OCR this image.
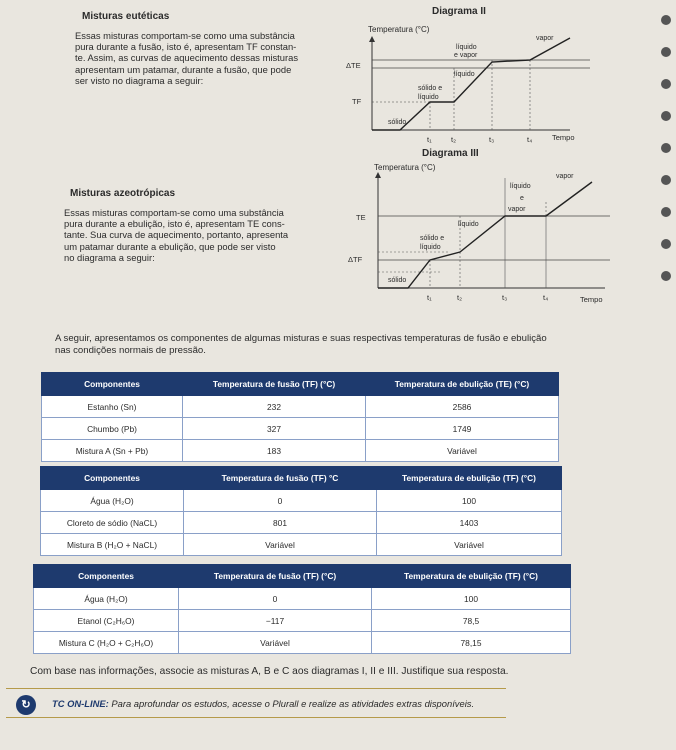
Misturas eutéticas
Essas misturas comportam-se como uma substância
pura durante a fusão, isto é, apresentam TF constan-
te. Assim, as curvas de aquecimento dessas misturas
apresentam um patamar, durante a fusão, que pode
ser visto no diagrama a seguir:
Diagrama II
Temperatura (°C)
Tempo
ΔTE
TF
sólido
sólido e
líquido
líquido
líquido
e vapor
vapor
t₁	t₂	t₃	t₄
Diagrama III
Temperatura (°C)
Tempo
TE
ΔTF
sólido
sólido e
líquido
líquido
líquido
e
vapor
vapor
t₁	t₂	t₃	t₄
Misturas azeotrópicas
Essas misturas comportam-se como uma substância
pura durante a ebulição, isto é, apresentam TE cons-
tante. Sua curva de aquecimento, portanto, apresenta
um patamar durante a ebulição, que pode ser visto
no diagrama a seguir:
A seguir, apresentamos os componentes de algumas misturas e suas respectivas temperaturas de fusão e ebulição
nas condições normais de pressão.
Componentes	Temperatura de fusão (TF) (°C)	Temperatura de ebulição (TE) (°C)
Estanho (Sn)	232	2586
Chumbo (Pb)	327	1749
Mistura A (Sn + Pb)	183	Variável
Componentes	Temperatura de fusão (TF) °C	Temperatura de ebulição (TF) (°C)
Água (H₂O)	0	100
Cloreto de sódio (NaCL)	801	1403
Mistura B (H₂O + NaCL)	Variável	Variável
Componentes	Temperatura de fusão (TF) (°C)	Temperatura de ebulição (TF) (°C)
Água (H₂O)	0	100
Etanol (C₂H₆O)	−117	78,5
Mistura C (H₂O + C₂H₆O)	Variável	78,15
Com base nas informações, associe as misturas A, B e C aos diagramas I, II e III. Justifique sua resposta.
↻	TC ON-LINE: Para aprofundar os estudos, acesse o Plurall e realize as atividades extras disponíveis.
